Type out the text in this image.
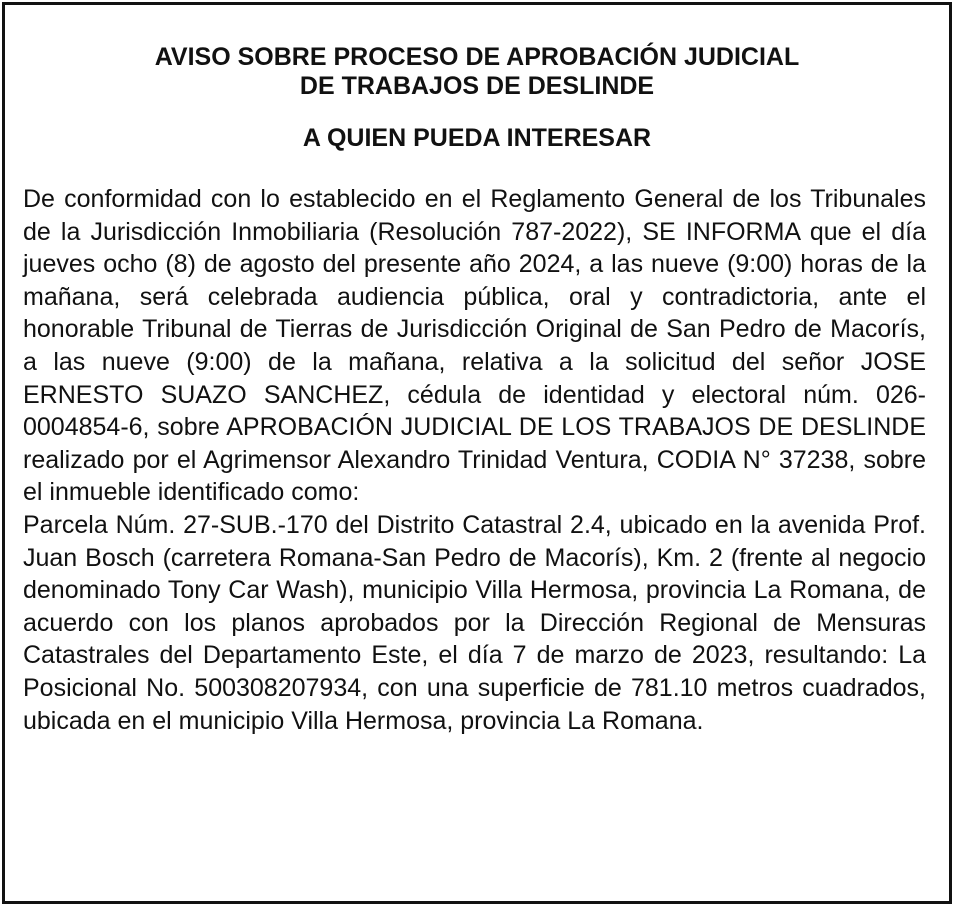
AVISO SOBRE PROCESO DE APROBACIÓN JUDICIAL
DE TRABAJOS DE DESLINDE
A QUIEN PUEDA INTERESAR

De conformidad con lo establecido en el Reglamento General de los Tribunales de la Jurisdicción Inmobiliaria (Resolución 787-2022), SE INFORMA que el día jueves ocho (8) de agosto del presente año 2024, a las nueve (9:00) horas de la mañana, será celebrada audiencia pública, oral y contradictoria, ante el honorable Tribunal de Tierras de Jurisdicción Original de San Pedro de Macorís, a las nueve (9:00) de la mañana, relativa a la solicitud del señor JOSE ERNESTO SUAZO SANCHEZ, cédula de identidad y electoral núm. 026-0004854-6, sobre APROBACIÓN JUDICIAL DE LOS TRABAJOS DE DESLINDE realizado por el Agrimensor Alexandro Trinidad Ventura, CODIA N° 37238, sobre el inmueble identificado como:

Parcela Núm. 27-SUB.-170 del Distrito Catastral 2.4, ubicado en la avenida Prof. Juan Bosch (carretera Romana-San Pedro de Macorís), Km. 2 (frente al negocio denominado Tony Car Wash), municipio Villa Hermosa, provincia La Romana, de acuerdo con los planos aprobados por la Dirección Regional de Mensuras Catastrales del Departamento Este, el día 7 de marzo de 2023, resultando: La Posicional No. 500308207934, con una superficie de 781.10 metros cuadrados, ubicada en el municipio Villa Hermosa, provincia La Romana.
